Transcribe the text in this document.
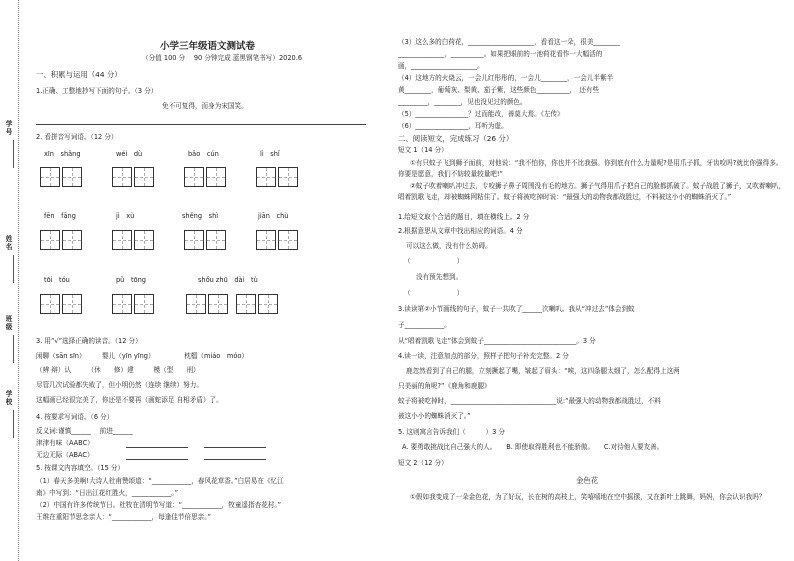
学号
姓名
班级
学校
小学三年级语文测试卷
（分值 100 分　 90 分钟完成 蓝黑钢笔书写）2020.6
一、积累与运用（44 分）
1.正确、工整地抄写下面的句子。（3 分）
免不可复得，而身为宋国笑。
2. 看拼音写词语。（12 分）
xīn　shǎng	wéi　dù	bǎo　cún	lì　shǐ
fēn　fāng	jì　xù	shěng　shì	jiān　chù
tōi　tóu	pǔ　tōng	shǒu zhū　dài　tù
3. 用“√”选择正确的读音。（12 分）
闲聊（sān sīn）　　　婴儿（yīn yīng）　　　　　枕榴（miáo　móo）
（辨 辩）认　　　（休　　修）建　　　模（型　　刑）
尽管几次试验都失败了，但小明仍然（连续 继续）努力。
这幅画已经很完美了，你还是不要再（画蛇添足 自相矛盾）了。
4. 按要求写词语。（6 分）
反义词:谨慎______　 前进______
津津有味（AABC）
无边无际（ABAC）
5. 按课文内容填空。（15 分）
（1）春天多美啊!大诗人杜甫赞颂道：“____________，春风花草香。”白居易在《忆江
南》中写到：“日出江花红胜火，____________。”
（2）中国有许多传统节日。杜牧在清明节写道：“____________，牧童遥指杏花村。”
王维在重阳节思念亲人：“____________，每逢佳节倍思亲。”
（3）这么多的白荷花，____________________，看看这一朵，很美________
______________，__________。如果把眼前的一池荷花看作一大幅活的
画，____________________。
（4）这地方的火烧云，一会儿红彤彤的，一会儿________，一会儿半紫半
黄________，葡萄灰、梨黄、茄子紫，这些颜色__________，　还有些
_________，________，见也没见过的颜色。
（5）________________？过而能改，善莫大焉。《左传》
（6）________________，耳听为虚。
二、阅读短文，完成练习（26 分）
短文 1（14 分）
①有只蚊子飞到狮子面前，对他说：“我不怕你，你也并不比我强。你到底有什么力量呢?是用爪子抓，牙齿咬吗?就比你强得多。你要是愿意，我们不妨较量较量吧!”
②蚊子吹着喇叭冲过去，专咬狮子鼻子周围没有毛的地方。狮子气得用爪子把自己的脸都抓破了。蚊子战胜了狮子，又吹着喇叭，唱着凯歌飞走，却被蜘蛛网粘住了。蚊子将被吃掉时说：“最强大的动物我都战胜过，不料被这小小的蜘蛛消灭了。”
1.给短文取个合适的题目，填在横线上。2 分
2.根据意思从文章中找出相应的词语。4 分
可以这么做，没有什么妨碍。
（　　　　　　　）
没有预先想到。
（　　　　　　　）
3.读读第②小节画线的句子，蚊子一共吹了______次喇叭。我从“冲过去”体会到蚊
子____________。
从“唱着凯歌飞走”体会到蚊子____________________________。3 分
4.读一读，注意加点的部分，照样子把句子补充完整。2 分
鹿忽然看到了自己的腿，立刻撅起了嘴，皱起了眉头：“唉，这四条腿太细了，怎么配得上这两
只美丽的角呢?”《鹿角和鹿腿》
蚊子将被吃掉时，________________________________说:“最强大的动物我都战胜过，不料
被这小小的蜘蛛消灭了。”
5. 这则寓言告诉我们（　　　）3 分
A. 要勇敢挑战比自己强大的人。　　B. 即使取得胜利也不能骄傲。　　C.对待他人要友善。
短文 2（12 分）
金色花
①假如我变成了一朵金色花，为了好玩，长在树的高枝上，笑嘻嘻地在空中摇摆，又在新叶上跳舞，妈妈，你会认识我吗？
